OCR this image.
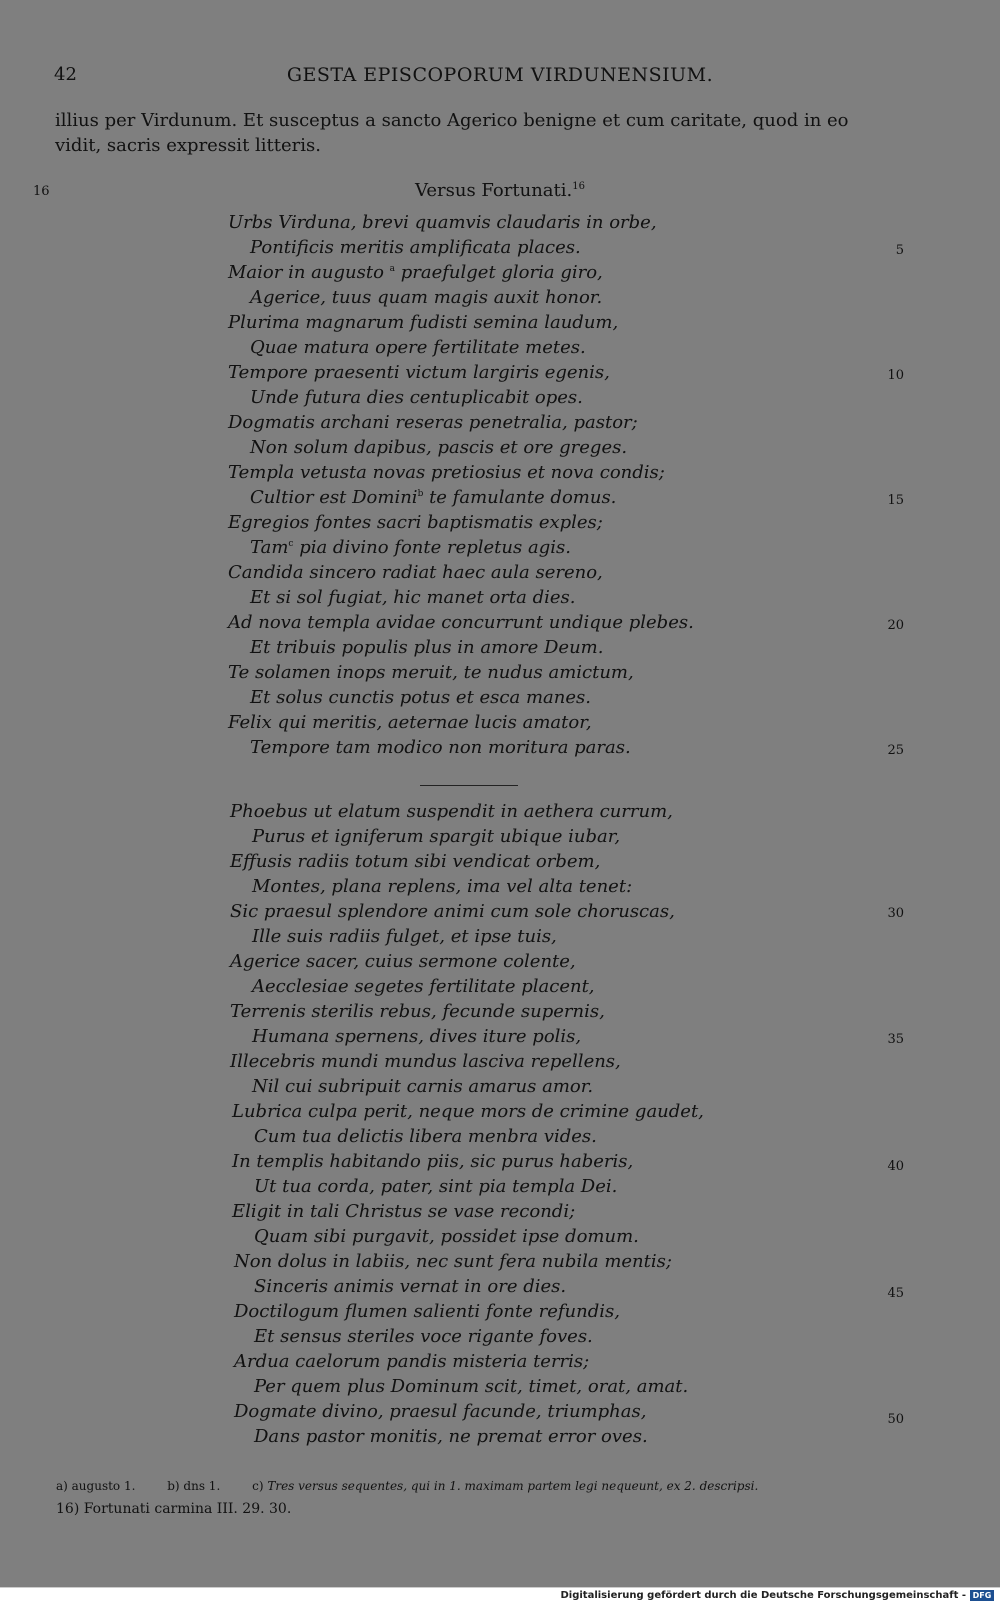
42	GESTA EPISCOPORUM VIRDUNENSIUM.

illius per Virdunum. Et susceptus a sancto Agerico benigne et cum caritate, quod in eo

vidit, sacris expressit litteris.

16	Versus Fortunati.$^{16}$
Urbs Virduna, brevi quamvis claudaris in orbe,
Pontificis meritis amplificata places.
Maior in augusto $^a$ praefulget gloria giro,
Agerice, tuus quam magis auxit honor.
Plurima magnarum fudisti semina laudum,
Quae matura opere fertilitate metes.
Tempore praesenti victum largiris egenis,
Unde futura dies centuplicabit opes.
Dogmatis archani reseras penetralia, pastor;
Non solum dapibus, pascis et ore greges.
Templa vetusta novas pretiosius et nova condis;
Cultior est Domini$^b$ te famulante domus.
Egregios fontes sacri baptismatis exples;
Tam$^c$ pia divino fonte repletus agis.
Candida sincero radiat haec aula sereno,
Et si sol fugiat, hic manet orta dies.
Ad nova templa avidae concurrunt undique plebes.
Et tribuis populis plus in amore Deum.
Te solamen inops meruit, te nudus amictum,
Et solus cunctis potus et esca manes.
Felix qui meritis, aeternae lucis amator,
Tempore tam modico non moritura paras.
Phoebus ut elatum suspendit in aethera currum,
Purus et igniferum spargit ubique iubar,
Effusis radiis totum sibi vendicat orbem,
Montes, plana replens, ima vel alta tenet:
Sic praesul splendore animi cum sole choruscas,
Ille suis radiis fulget, et ipse tuis,
Agerice sacer, cuius sermone colente,
Aecclesiae segetes fertilitate placent,
Terrenis sterilis rebus, fecunde supernis,
Humana spernens, dives iture polis,
Illecebris mundi mundus lasciva repellens,
Nil cui subripuit carnis amarus amor.
Lubrica culpa perit, neque mors de crimine gaudet,
Cum tua delictis libera menbra vides.
In templis habitando piis, sic purus haberis,
Ut tua corda, pater, sint pia templa Dei.
Eligit in tali Christus se vase recondi;
Quam sibi purgavit, possidet ipse domum.
Non dolus in labiis, nec sunt fera nubila mentis;
Sinceris animis vernat in ore dies.
Doctilogum flumen salienti fonte refundis,
Et sensus steriles voce rigante foves.
Ardua caelorum pandis misteria terris;
Per quem plus Dominum scit, timet, orat, amat.
Dogmate divino, praesul facunde, triumphas,
Dans pastor monitis, ne premat error oves.
5
10
15
20
25
30
35
40
45
50
a) augusto 1.	b) dns 1.	c) Tres versus sequentes, qui in 1. maximam partem legi nequeunt, ex 2. descripsi.
16) Fortunati carmina III. 29. 30.
Digitalisierung gefördert durch die Deutsche Forschungsgemeinschaft - DFG
